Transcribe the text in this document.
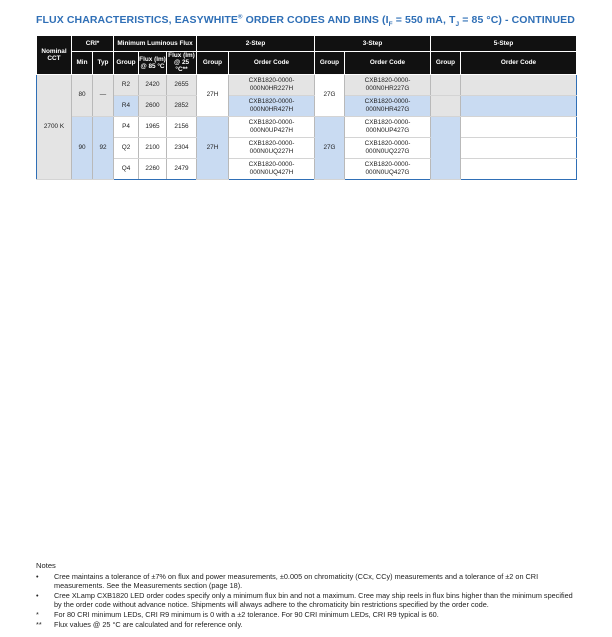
FLUX CHARACTERISTICS, EASYWHITE® ORDER CODES AND BINS ($I_F = 550$ mA, $T_J = 85$ °C) - CONTINUED
Nominal CCT	CRI*		Minimum Luminous Flux			2-Step		3-Step		5-Step	
	Min	Typ	Group	Flux (lm) @ 85 °C	Flux (lm) @ 25 °C**	Group	Order Code	Group	Order Code	Group	Order Code
2700 K	80	—	R2	2420	2655	27H	CXB1820-0000-000N0HR227H	27G	CXB1820-0000-000N0HR227G		
			R4	2600	2852		CXB1820-0000-000N0HR427H		CXB1820-0000-000N0HR427G		
	90	92	P4	1965	2156	27H	CXB1820-0000-000N0UP427H	27G	CXB1820-0000-000N0UP427G		
			Q2	2100	2304		CXB1820-0000-000N0UQ227H		CXB1820-0000-000N0UQ227G		
			Q4	2260	2479		CXB1820-0000-000N0UQ427H		CXB1820-0000-000N0UQ427G		
Notes
• Cree maintains a tolerance of ±7% on flux and power measurements, ±0.005 on chromaticity (CCx, CCy) measurements and a tolerance of ±2 on CRI measurements. See the Measurements section (page 18).
• Cree XLamp CXB1820 LED order codes specify only a minimum flux bin and not a maximum. Cree may ship reels in flux bins higher than the minimum specified by the order code without advance notice. Shipments will always adhere to the chromaticity bin restrictions specified by the order code.
* For 80 CRI minimum LEDs, CRI R9 minimum is 0 with a ±2 tolerance. For 90 CRI minimum LEDs, CRI R9 typical is 60.
** Flux values @ 25 °C are calculated and for reference only.
